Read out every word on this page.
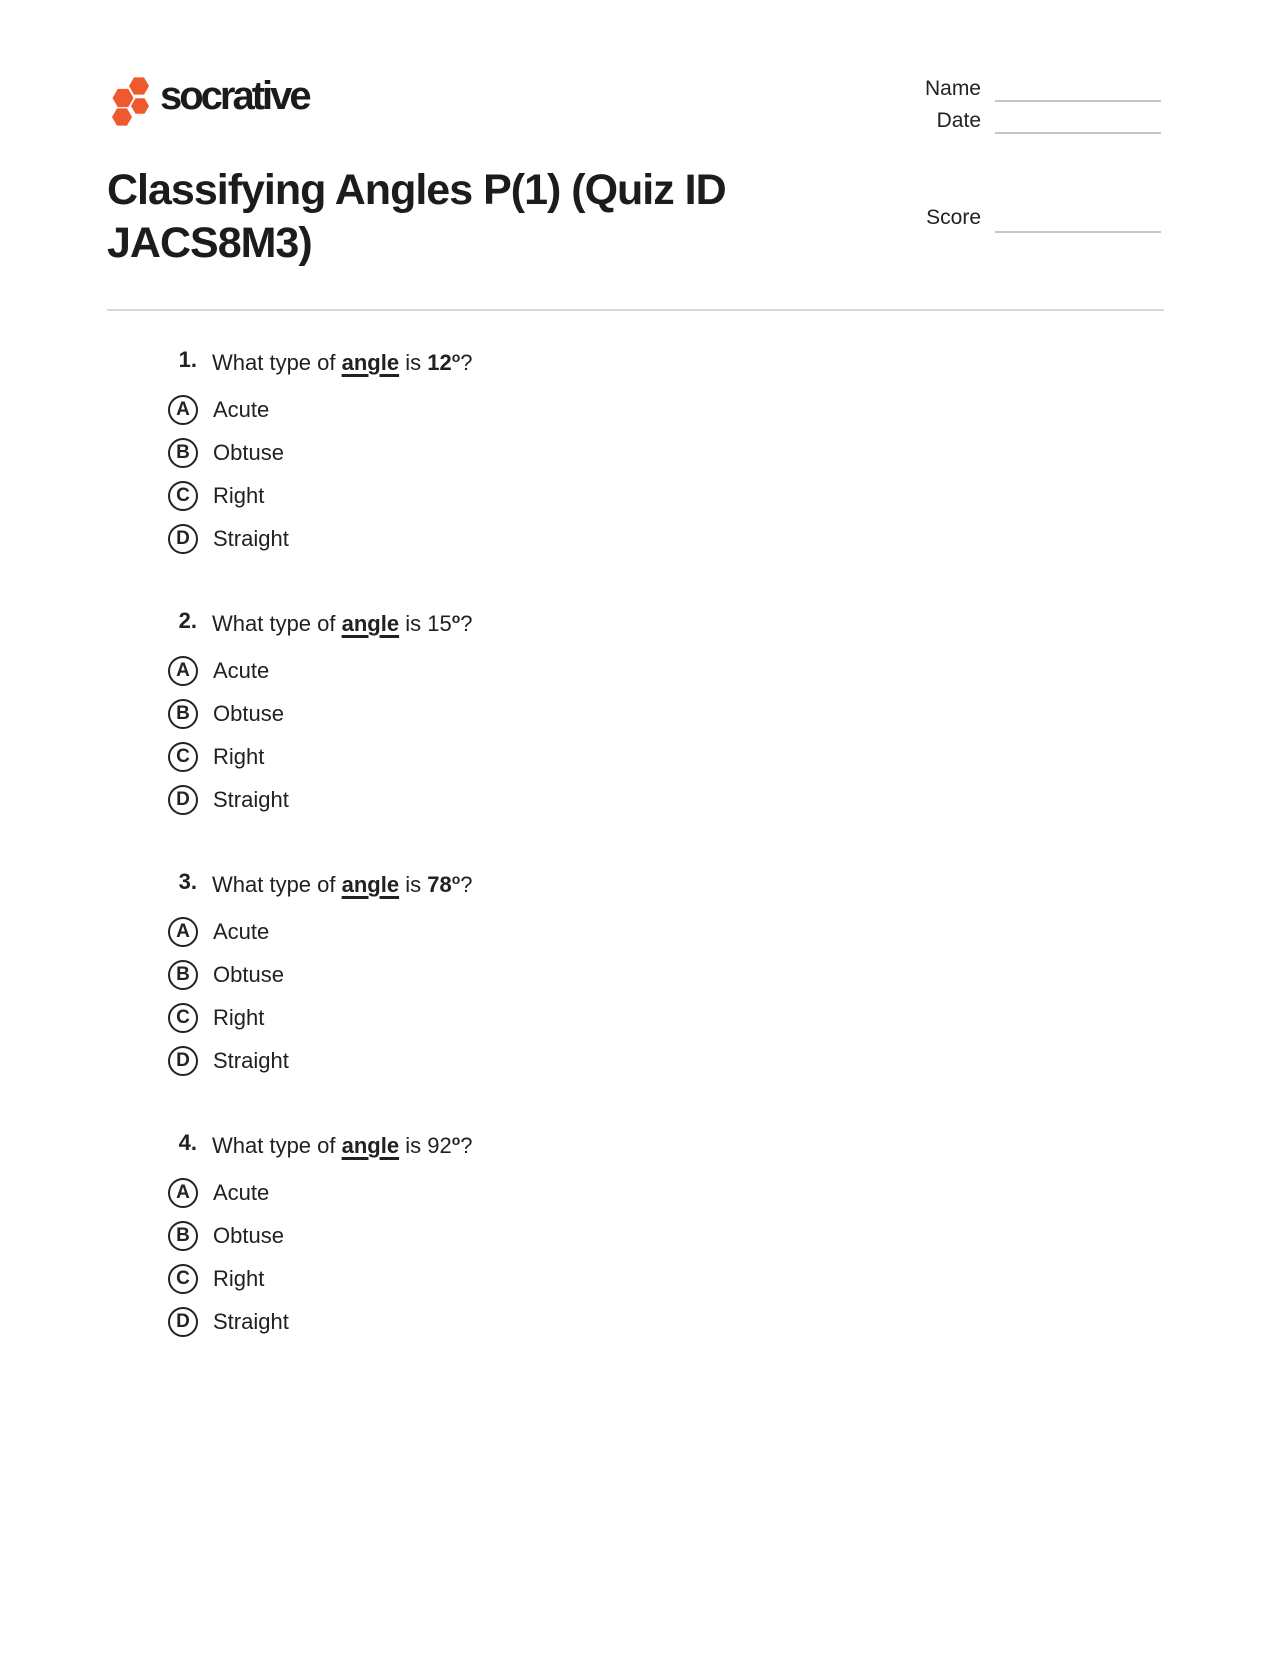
socrative	Name
Date
Score
Classifying Angles P(1) (Quiz ID
JACS8M3)
1. What type of angle is 12$^o$?
A	Acute
B	Obtuse
C	Right
D	Straight
2. What type of angle is 15$^o$?
A	Acute
B	Obtuse
C	Right
D	Straight
3. What type of angle is 78$^o$?
A	Acute
B	Obtuse
C	Right
D	Straight
4. What type of angle is 92$^o$?
A	Acute
B	Obtuse
C	Right
D	Straight
